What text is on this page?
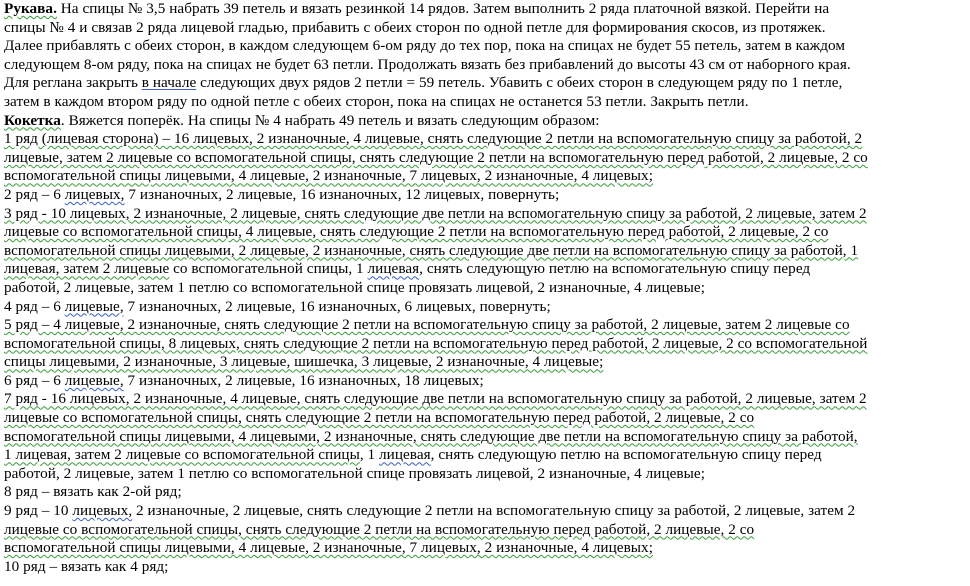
Рукава. На спицы № 3,5 набрать 39 петель и вязать резинкой 14 рядов. Затем выполнить 2 ряда платочной вязкой. Перейти на
спицы № 4 и связав 2 ряда лицевой гладью, прибавить с обеих сторон по одной петле для формирования скосов, из протяжек.
Далее прибавлять с обеих сторон, в каждом следующем 6-ом ряду до тех пор, пока на спицах не будет 55 петель, затем в каждом
следующем 8-ом ряду, пока на спицах не будет 63 петли. Продолжать вязать без прибавлений до высоты 43 см от наборного края.
Для реглана закрыть в начале следующих двух рядов 2 петли = 59 петель. Убавить с обеих сторон в следующем ряду по 1 петле,
затем в каждом втором ряду по одной петле с обеих сторон, пока на спицах не останется 53 петли. Закрыть петли.
Кокетка. Вяжется поперёк. На спицы № 4 набрать 49 петель и вязать следующим образом:
1 ряд (лицевая сторона) – 16 лицевых, 2 изнаночные, 4 лицевые, снять следующие 2 петли на вспомогательную спицу за работой, 2
лицевые, затем 2 лицевые со вспомогательной спицы, снять следующие 2 петли на вспомогательную перед работой, 2 лицевые, 2 со
вспомогательной спицы лицевыми, 4 лицевые, 2 изнаночные, 7 лицевых, 2 изнаночные, 4 лицевых;
2 ряд – 6 лицевых, 7 изнаночных, 2 лицевые, 16 изнаночных, 12 лицевых, повернуть;
3 ряд - 10 лицевых, 2 изнаночные, 2 лицевые, снять следующие две петли на вспомогательную спицу за работой, 2 лицевые, затем 2
лицевые со вспомогательной спицы, 4 лицевые, снять следующие 2 петли на вспомогательную перед работой, 2 лицевые, 2 со
вспомогательной спицы лицевыми, 2 лицевые, 2 изнаночные, снять следующие две петли на вспомогательную спицу за работой, 1
лицевая, затем 2 лицевые со вспомогательной спицы, 1 лицевая, снять следующую петлю на вспомогательную спицу перед
работой, 2 лицевые, затем 1 петлю со вспомогательной спице провязать лицевой, 2 изнаночные, 4 лицевые;
4 ряд – 6 лицевые, 7 изнаночных, 2 лицевые, 16 изнаночных, 6 лицевых, повернуть;
5 ряд – 4 лицевые, 2 изнаночные, снять следующие 2 петли на вспомогательную спицу за работой, 2 лицевые, затем 2 лицевые со
вспомогательной спицы, 8 лицевых, снять следующие 2 петли на вспомогательную перед работой, 2 лицевые, 2 со вспомогательной
спицы лицевыми, 2 изнаночные, 3 лицевые, шишечка, 3 лицевые, 2 изнаночные, 4 лицевые;
6 ряд – 6 лицевые, 7 изнаночных, 2 лицевые, 16 изнаночных, 18 лицевых;
7 ряд - 16 лицевых, 2 изнаночные, 4 лицевые, снять следующие две петли на вспомогательную спицу за работой, 2 лицевые, затем 2
лицевые со вспомогательной спицы, снять следующие 2 петли на вспомогательную перед работой, 2 лицевые, 2 со
вспомогательной спицы лицевыми, 4 лицевыми, 2 изнаночные, снять следующие две петли на вспомогательную спицу за работой,
1 лицевая, затем 2 лицевые со вспомогательной спицы, 1 лицевая, снять следующую петлю на вспомогательную спицу перед
работой, 2 лицевые, затем 1 петлю со вспомогательной спице провязать лицевой, 2 изнаночные, 4 лицевые;
8 ряд – вязать как 2-ой ряд;
9 ряд – 10 лицевых, 2 изнаночные, 2 лицевые, снять следующие 2 петли на вспомогательную спицу за работой, 2 лицевые, затем 2
лицевые со вспомогательной спицы, снять следующие 2 петли на вспомогательную перед работой, 2 лицевые, 2 со
вспомогательной спицы лицевыми, 4 лицевые, 2 изнаночные, 7 лицевых, 2 изнаночные, 4 лицевых;
10 ряд – вязать как 4 ряд;
